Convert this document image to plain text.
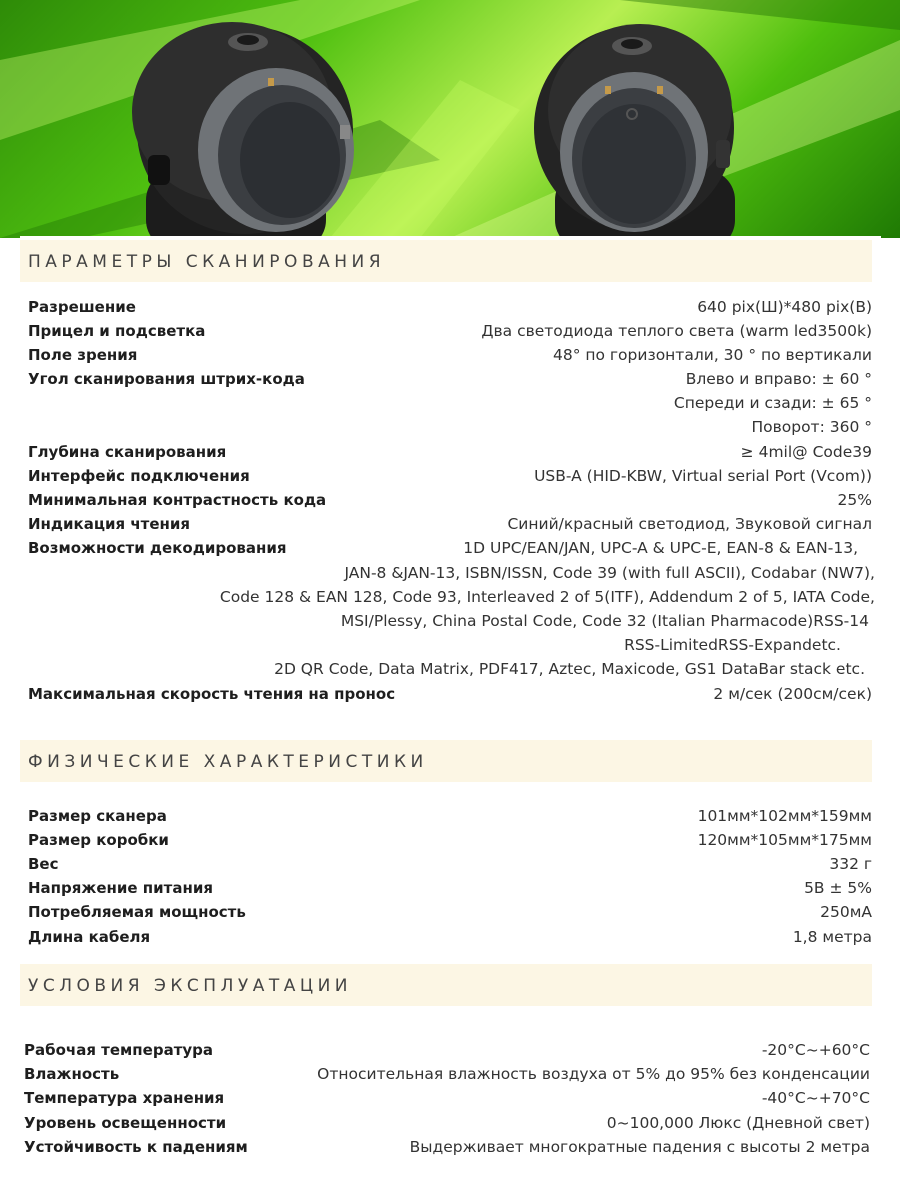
ПАРАМЕТРЫ СКАНИРОВАНИЯ
Разрешение	640 pix(Ш)*480 pix(В)
Прицел и подсветка	Два светодиода теплого света (warm led3500k)
Поле зрения	48° по горизонтали, 30 ° по вертикали
Угол сканирования штрих-кода	Влево и вправо: ± 60 °
Спереди и сзади: ± 65 °
Поворот: 360 °
Глубина сканирования	≥ 4mil@ Code39
Интерфейс подключения	USB-A (HID-KBW, Virtual serial Port (Vcom))
Минимальная контрастность кода	25%
Индикация чтения	Синий/красный светодиод, Звуковой сигнал
Возможности декодирования	1D UPC/EAN/JAN, UPC-A & UPC-E, EAN-8 & EAN-13,
JAN-8 &JAN-13, ISBN/ISSN, Code 39 (with full ASCII), Codabar (NW7),
Code 128 & EAN 128, Code 93, Interleaved 2 of 5(ITF), Addendum 2 of 5, IATA Code,
MSI/Plessy, China Postal Code, Code 32 (Italian Pharmacode)RSS-14
RSS-LimitedRSS-Expandetc.
2D QR Code, Data Matrix, PDF417, Aztec, Maxicode, GS1 DataBar stack etc.
Максимальная скорость чтения на пронос	2 м/сек (200см/сек)
ФИЗИЧЕСКИЕ ХАРАКТЕРИСТИКИ
Размер сканера	101мм*102мм*159мм
Размер коробки	120мм*105мм*175мм
Вес	332 г
Напряжение питания	5В ± 5%
Потребляемая мощность	250мА
Длина кабеля	1,8 метра
УСЛОВИЯ ЭКСПЛУАТАЦИИ
Рабочая температура	-20°C~+60°C
Влажность	Относительная влажность воздуха от 5% до 95% без конденсации
Температура хранения	-40°C~+70°C
Уровень освещенности	0~100,000 Люкс (Дневной свет)
Устойчивость к падениям	Выдерживает многократные падения с высоты 2 метра
